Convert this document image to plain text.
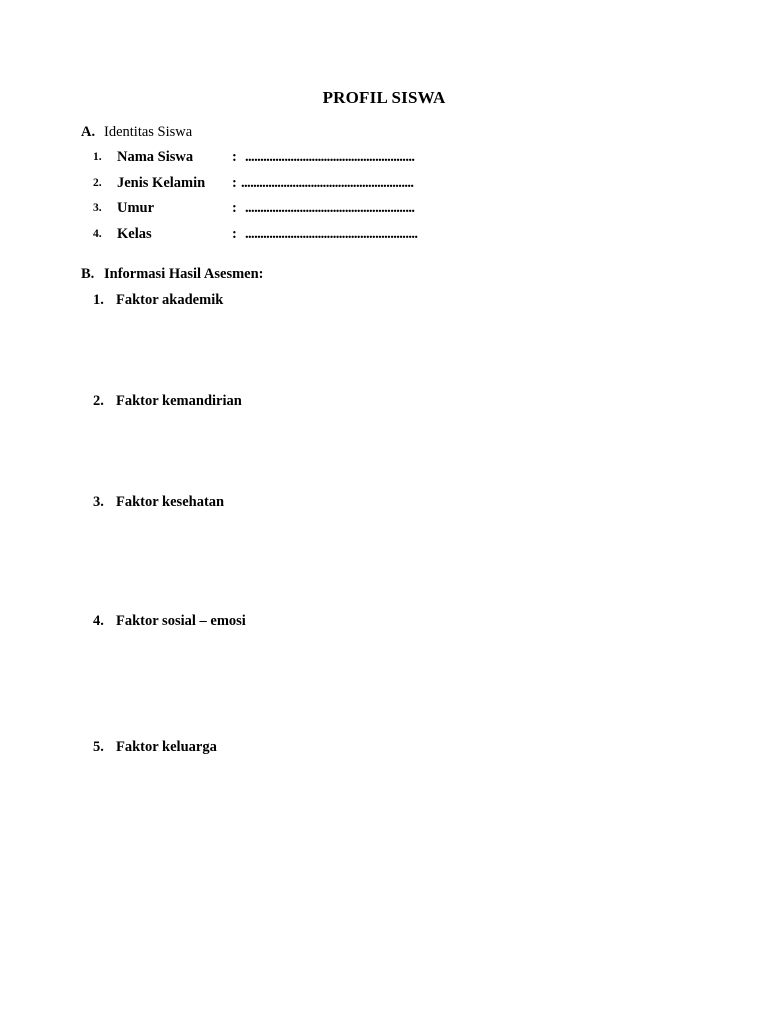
PROFIL SISWA
A. Identitas Siswa
1. Nama Siswa	: ........................................................
2. Jenis Kelamin : .........................................................
3. Umur	: ........................................................
4. Kelas	: .........................................................
B. Informasi Hasil Asesmen:
1. Faktor akademik
2. Faktor kemandirian
3. Faktor kesehatan
4. Faktor sosial – emosi
5. Faktor keluarga
